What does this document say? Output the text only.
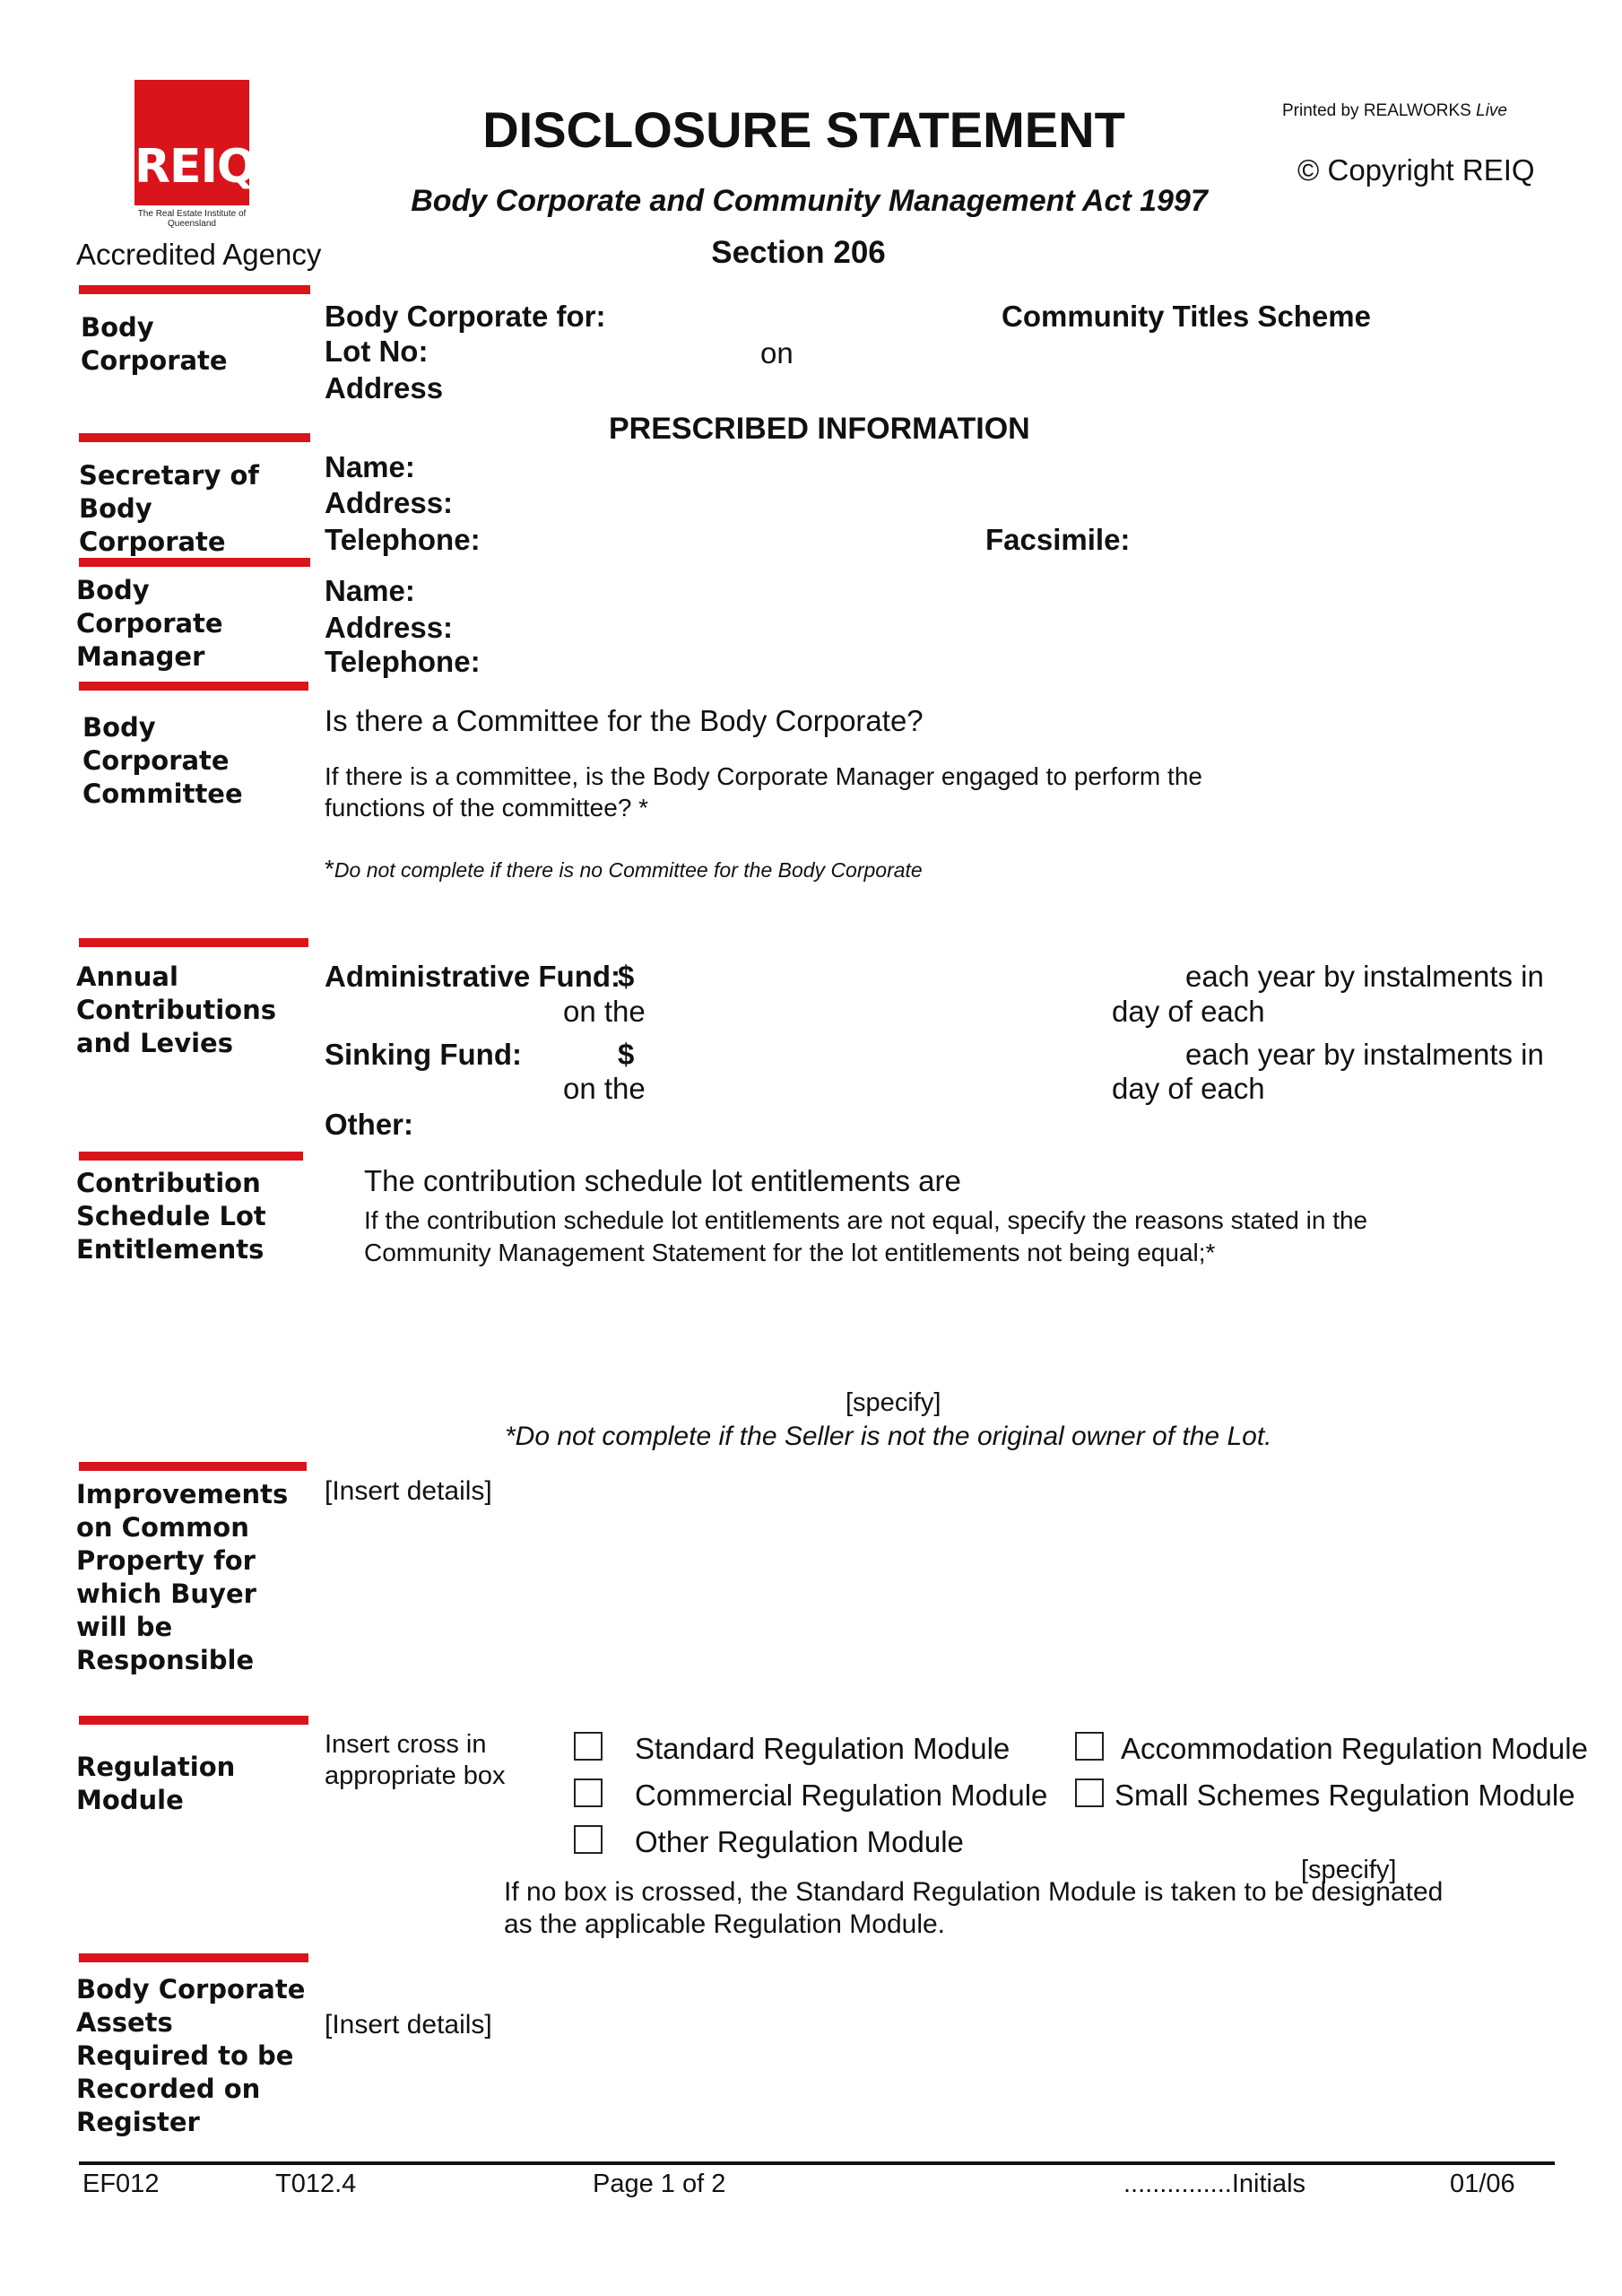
REIQ
The Real Estate Institute of Queensland
Accredited Agency
DISCLOSURE STATEMENT
Body Corporate and Community Management Act 1997
Section 206
Printed by REALWORKS Live
© Copyright REIQ
Body Corporate
Body Corporate for:	Community Titles Scheme
Lot No:	on
Address
PRESCRIBED INFORMATION
Secretary of Body Corporate
Name:
Address:
Telephone:	Facsimile:
Body Corporate Manager
Name:
Address:
Telephone:
Body Corporate Committee
Is there a Committee for the Body Corporate?
If there is a committee, is the Body Corporate Manager engaged to perform the
functions of the committee? *
*Do not complete if there is no Committee for the Body Corporate
Annual Contributions and Levies
Administrative Fund:
$	each year by instalments in
on the	day of each
Sinking Fund:	$	each year by instalments in
on the	day of each
Other:
Contribution Schedule Lot Entitlements
The contribution schedule lot entitlements are
If the contribution schedule lot entitlements are not equal, specify the reasons stated in the
Community Management Statement for the lot entitlements not being equal;*
[specify]
*Do not complete if the Seller is not the original owner of the Lot.
Improvements on Common Property for which Buyer will be Responsible
[Insert details]
Regulation Module
Insert cross in appropriate box
Standard Regulation Module	Accommodation Regulation Module
Commercial Regulation Module Small Schemes Regulation Module
Other Regulation Module
[specify]
If no box is crossed, the Standard Regulation Module is taken to be designated
as the applicable Regulation Module.
Body Corporate Assets Required to be Recorded on Register
[Insert details]
EF012	T012.4	Page 1 of 2	...............Initials	01/06
